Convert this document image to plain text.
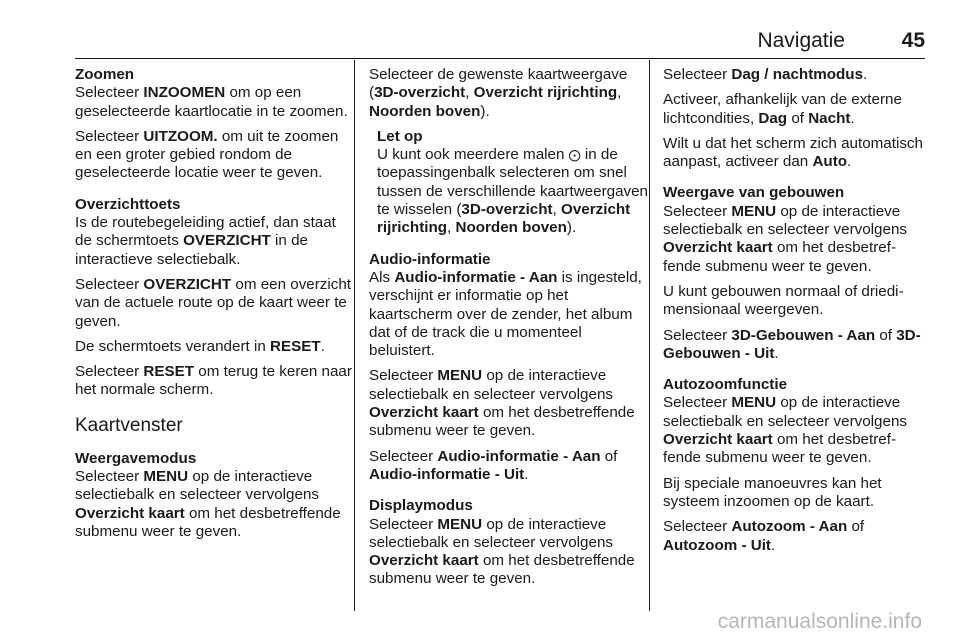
Navigatie	45

Zoomen

Selecteer INZOOMEN om op een geselecteerde kaartlocatie in te zoomen.

Selecteer UITZOOM. om uit te zoomen en een groter gebied rondom de geselecteerde locatie weer te geven.

Overzichttoets

Is de routebegeleiding actief, dan staat de schermtoets OVERZICHT in de interactieve selectiebalk.

Selecteer OVERZICHT om een overzicht van de actuele route op de kaart weer te geven.

De schermtoets verandert in RESET.

Selecteer RESET om terug te keren naar het normale scherm.

Kaartvenster

Weergavemodus

Selecteer MENU op de interactieve selectiebalk en selecteer vervolgens Overzicht kaart om het desbetreffende submenu weer te geven.

Selecteer de gewenste kaartweergave (3D-overzicht, Overzicht rijrichting, Noorden boven).

Let op

U kunt ook meerdere malen ⨀ in de toepassingenbalk selecteren om snel tussen de verschillende kaartweergaven te wisselen (3D-overzicht, Overzicht rijrichting, Noorden boven).

Audio-informatie

Als Audio-informatie - Aan is ingesteld, verschijnt er informatie op het kaartscherm over de zender, het album dat of de track die u momenteel beluistert.

Selecteer MENU op de interactieve selectiebalk en selecteer vervolgens Overzicht kaart om het desbetreffende submenu weer te geven.

Selecteer Audio-informatie - Aan of Audio-informatie - Uit.

Displaymodus

Selecteer MENU op de interactieve selectiebalk en selecteer vervolgens Overzicht kaart om het desbetreffende submenu weer te geven.

Selecteer Dag / nachtmodus.

Activeer, afhankelijk van de externe lichtcondities, Dag of Nacht.

Wilt u dat het scherm zich automatisch aanpast, activeer dan Auto.

Weergave van gebouwen

Selecteer MENU op de interactieve selectiebalk en selecteer vervolgens Overzicht kaart om het desbetreffende submenu weer te geven.

U kunt gebouwen normaal of driedimensionaal weergeven.

Selecteer 3D-Gebouwen - Aan of 3D-Gebouwen - Uit.

Autozoomfunctie

Selecteer MENU op de interactieve selectiebalk en selecteer vervolgens Overzicht kaart om het desbetreffende submenu weer te geven.

Bij speciale manoeuvres kan het systeem inzoomen op de kaart.

Selecteer Autozoom - Aan of Autozoom - Uit.

carmanualsonline.info
